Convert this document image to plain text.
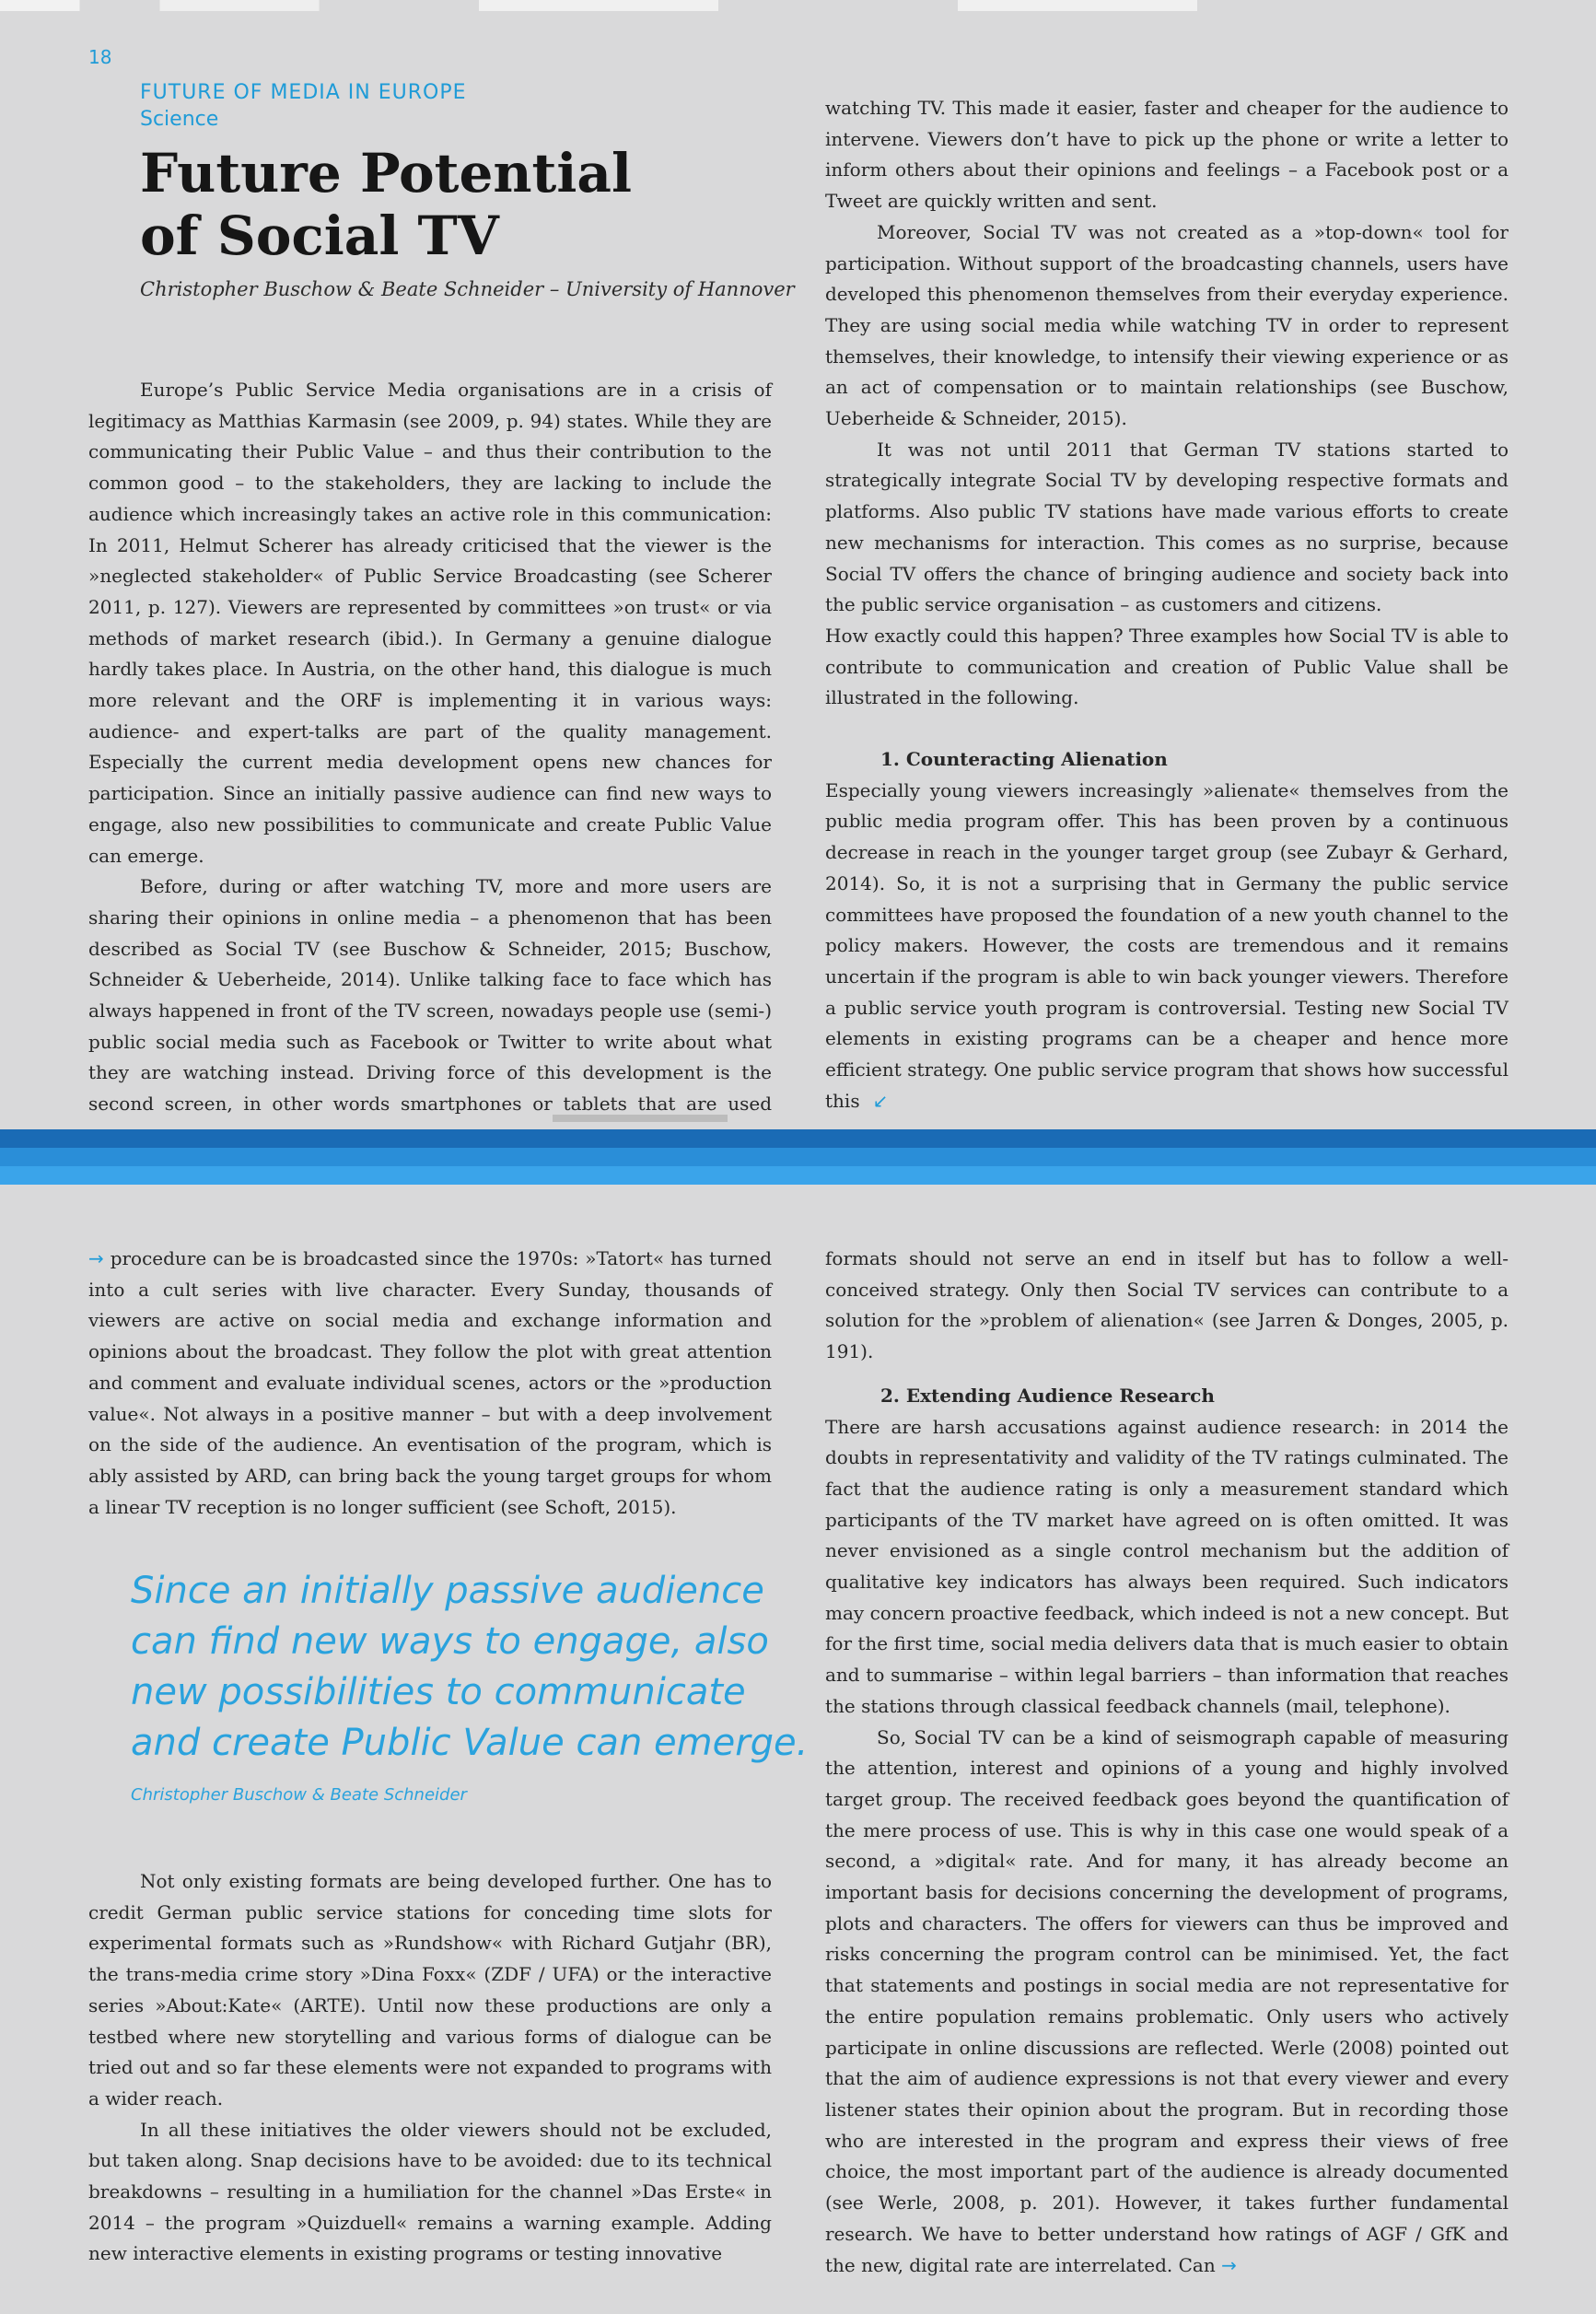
18
FUTURE OF MEDIA IN EUROPE
Science
Future Potential
of Social TV
Christopher Buschow & Beate Schneider – University of Hannover

Europe’s Public Service Media organisations are in a crisis of legitimacy as Matthias Karmasin (see 2009, p. 94) states. While they are communicating their Public Value – and thus their contribution to the common good – to the stakeholders, they are lacking to include the audience which increasingly takes an active role in this communication: In 2011, Helmut Scherer has already criticised that the viewer is the »neglected stakeholder« of Public Service Broadcasting (see Scherer 2011, p. 127). Viewers are represented by committees »on trust« or via methods of market research (ibid.). In Germany a genuine dialogue hardly takes place. In Austria, on the other hand, this dialogue is much more relevant and the ORF is implementing it in various ways: audience- and expert-talks are part of the quality management. Especially the current media development opens new chances for participation. Since an initially passive audience can find new ways to engage, also new possibilities to communicate and create Public Value can emerge.

Before, during or after watching TV, more and more users are sharing their opinions in online media – a phenomenon that has been described as Social TV (see Buschow & Schneider, 2015; Buschow, Schneider & Ueberheide, 2014). Unlike talking face to face which has always happened in front of the TV screen, nowadays people use (semi-) public social media such as Facebook or Twitter to write about what they are watching instead. Driving force of this development is the second screen, in other words smartphones or tablets that are used

watching TV. This made it easier, faster and cheaper for the audience to intervene. Viewers don’t have to pick up the phone or write a letter to inform others about their opinions and feelings – a Facebook post or a Tweet are quickly written and sent.

Moreover, Social TV was not created as a »top-down« tool for participation. Without support of the broadcasting channels, users have developed this phenomenon themselves from their everyday experience. They are using social media while watching TV in order to represent themselves, their knowledge, to intensify their viewing experience or as an act of compensation or to maintain relationships (see Buschow, Ueberheide & Schneider, 2015).

It was not until 2011 that German TV stations started to strategically integrate Social TV by developing respective formats and platforms. Also public TV stations have made various efforts to create new mechanisms for interaction. This comes as no surprise, because Social TV offers the chance of bringing audience and society back into the public service organisation – as customers and citizens.

How exactly could this happen? Three examples how Social TV is able to contribute to communication and creation of Public Value shall be illustrated in the following.

1. Counteracting Alienation

Especially young viewers increasingly »alienate« themselves from the public media program offer. This has been proven by a continuous decrease in reach in the younger target group (see Zubayr & Gerhard, 2014). So, it is not a surprising that in Germany the public service committees have proposed the foundation of a new youth channel to the policy makers. However, the costs are tremendous and it remains uncertain if the program is able to win back younger viewers. Therefore a public service youth program is controversial. Testing new Social TV elements in existing programs can be a cheaper and hence more efficient strategy. One public service program that shows how successful this ↙

→ procedure can be is broadcasted since the 1970s: »Tatort« has turned into a cult series with live character. Every Sunday, thousands of viewers are active on social media and exchange information and opinions about the broadcast. They follow the plot with great attention and comment and evaluate individual scenes, actors or the »production value«. Not always in a positive manner – but with a deep involvement on the side of the audience. An eventisation of the program, which is ably assisted by ARD, can bring back the young target groups for whom a linear TV reception is no longer sufficient (see Schoft, 2015).

Since an initially passive audience can find new ways to engage, also new possibilities to communicate and create Public Value can emerge.
Christopher Buschow & Beate Schneider

Not only existing formats are being developed further. One has to credit German public service stations for conceding time slots for experimental formats such as »Rundshow« with Richard Gutjahr (BR), the trans-media crime story »Dina Foxx« (ZDF / UFA) or the interactive series »About:Kate« (ARTE). Until now these productions are only a testbed where new storytelling and various forms of dialogue can be tried out and so far these elements were not expanded to programs with a wider reach.

In all these initiatives the older viewers should not be excluded, but taken along. Snap decisions have to be avoided: due to its technical breakdowns – resulting in a humiliation for the channel »Das Erste« in 2014 – the program »Quizduell« remains a warning example. Adding new interactive elements in existing programs or testing innovative

formats should not serve an end in itself but has to follow a well-conceived strategy. Only then Social TV services can contribute to a solution for the »problem of alienation« (see Jarren & Donges, 2005, p. 191).

2. Extending Audience Research

There are harsh accusations against audience research: in 2014 the doubts in representativity and validity of the TV ratings culminated. The fact that the audience rating is only a measurement standard which participants of the TV market have agreed on is often omitted. It was never envisioned as a single control mechanism but the addition of qualitative key indicators has always been required. Such indicators may concern proactive feedback, which indeed is not a new concept. But for the first time, social media delivers data that is much easier to obtain and to summarise – within legal barriers – than information that reaches the stations through classical feedback channels (mail, telephone).

So, Social TV can be a kind of seismograph capable of measuring the attention, interest and opinions of a young and highly involved target group. The received feedback goes beyond the quantification of the mere process of use. This is why in this case one would speak of a second, a »digital« rate. And for many, it has already become an important basis for decisions concerning the development of programs, plots and characters. The offers for viewers can thus be improved and risks concerning the program control can be minimised. Yet, the fact that statements and postings in social media are not representative for the entire population remains problematic. Only users who actively participate in online discussions are reflected. Werle (2008) pointed out that the aim of audience expressions is not that every viewer and every listener states their opinion about the program. But in recording those who are interested in the program and express their views of free choice, the most important part of the audience is already documented (see Werle, 2008, p. 201). However, it takes further fundamental research. We have to better understand how ratings of AGF / GfK and the new, digital rate are interrelated. Can →
